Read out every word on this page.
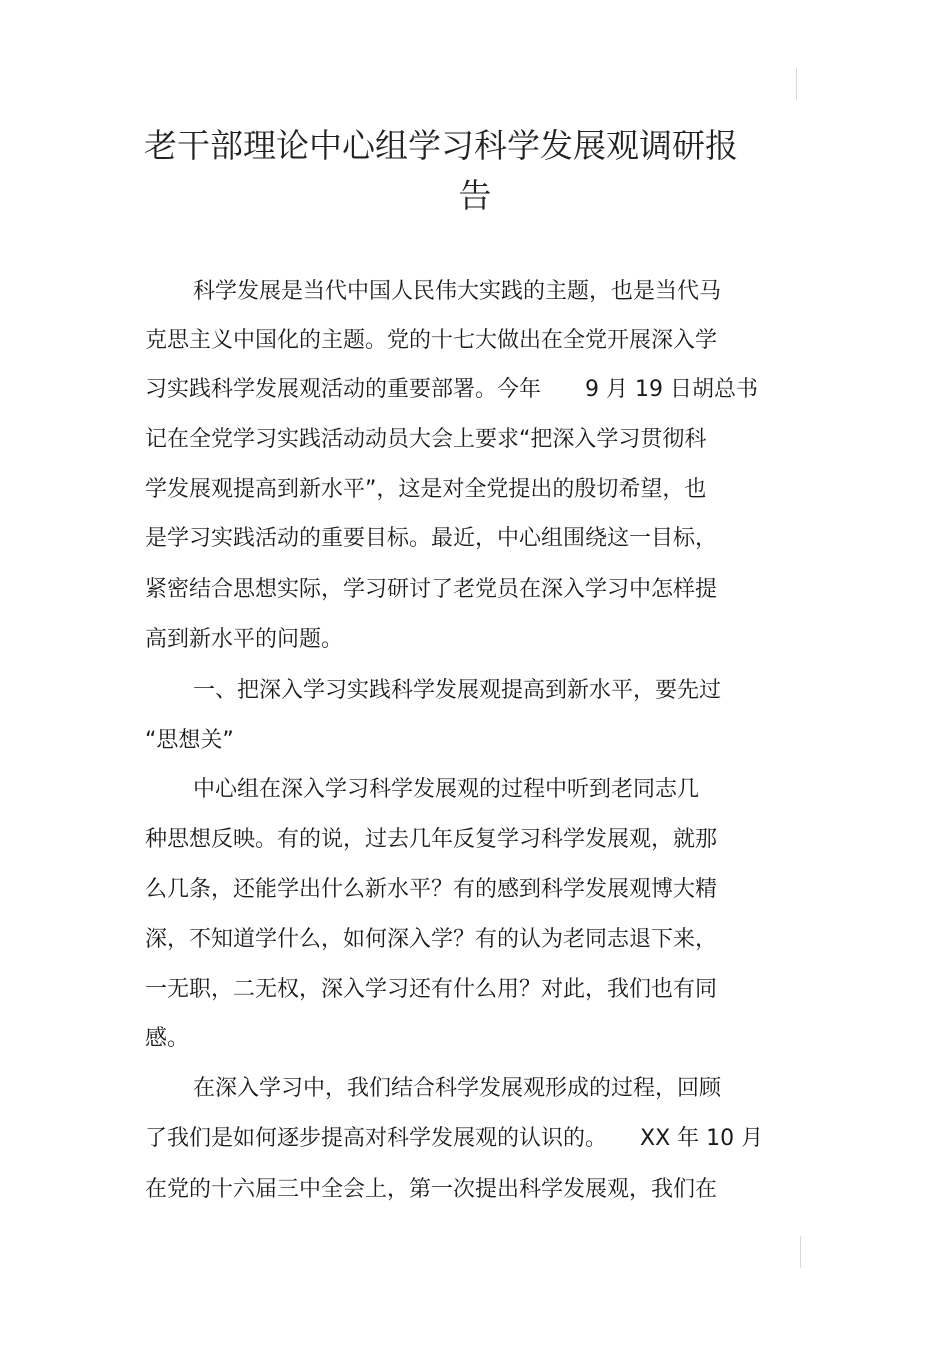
老干部理论中心组学习科学发展观调研报
告
科学发展是当代中国人民伟大实践的主题，也是当代马
克思主义中国化的主题。党的十七大做出在全党开展深入学
习实践科学发展观活动的重要部署。今年　　9 月 19 日胡总书
记在全党学习实践活动动员大会上要求“把深入学习贯彻科
学发展观提高到新水平”，这是对全党提出的殷切希望，也
是学习实践活动的重要目标。最近，中心组围绕这一目标，
紧密结合思想实际，学习研讨了老党员在深入学习中怎样提
高到新水平的问题。
一、把深入学习实践科学发展观提高到新水平，要先过
“思想关”
中心组在深入学习科学发展观的过程中听到老同志几
种思想反映。有的说，过去几年反复学习科学发展观，就那
么几条，还能学出什么新水平？有的感到科学发展观博大精
深，不知道学什么，如何深入学？有的认为老同志退下来，
一无职，二无权，深入学习还有什么用？对此，我们也有同
感。
在深入学习中，我们结合科学发展观形成的过程，回顾
了我们是如何逐步提高对科学发展观的认识的。　　XX 年 10 月
在党的十六届三中全会上，第一次提出科学发展观，我们在
